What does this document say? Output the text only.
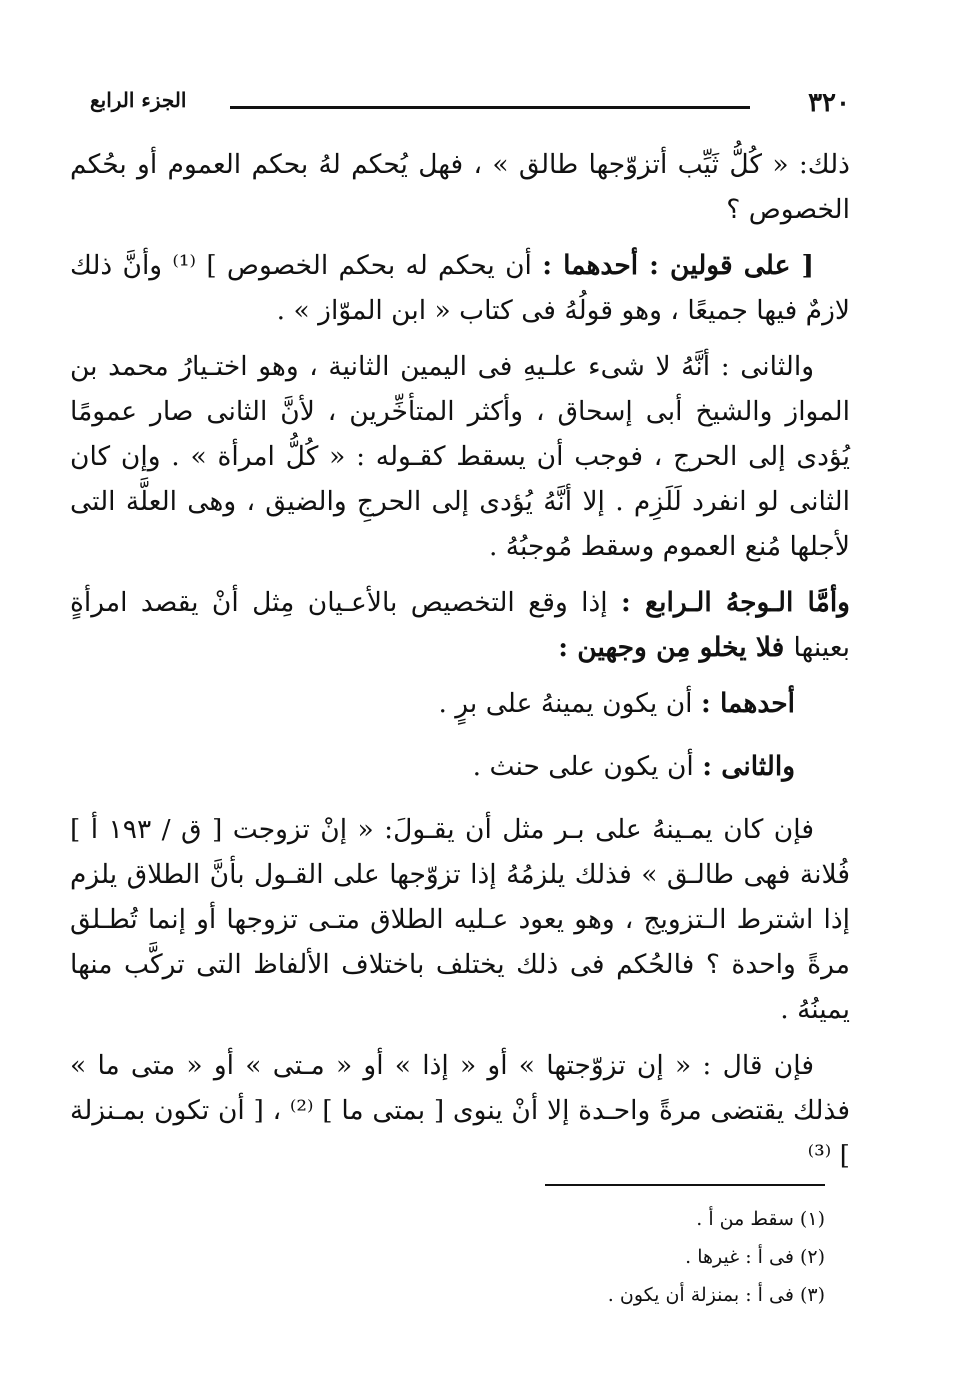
٣٢٠
الجزء الرابع

ذلك: « كُلُّ ثَيِّب أتزوّجها طالق » ، فهل يُحكم لهُ بحكم العموم أو بحُكم الخصوص ؟

[ على قولين : أحدهما : أن يحكم له بحكم الخصوص ] ⁽¹⁾ وأنَّ ذلك لازمٌ فيها جميعًا ، وهو قولُهُ فى كتاب « ابن الموّاز » .

والثانى : أنَّهُ لا شىء علـيهِ فى اليمين الثانية ، وهو اختـيارُ محمد بن المواز والشيخ أبى إسحاق ، وأكثر المتأخِّرين ، لأنَّ الثانى صار عمومًا يُؤدى إلى الحرج ، فوجب أن يسقط كقـوله : « كُلُّ امرأة » . وإن كان الثانى لو انفرد لَلَزِم . إلا أنَّهُ يُؤدى إلى الحرجِ والضيق ، وهى العلَّة التى لأجلها مُنع العموم وسقط مُوجبُهُ .

وأمَّا الـوجهُ الـرابع : إذا وقع التخصيص بالأعـيان مِثل أنْ يقصد امرأةٍ بعينها فلا يخلو مِن وجهين :

أحدهما : أن يكون يمينهُ على برٍ .

والثانى : أن يكون على حنث .

فإن كان يمـينهُ على بـر مثل أن يقـولَ: « إنْ تزوجت [ ق / ١٩٣ أ ] فُلانة فهى طالـق » فذلك يلزمُهُ إذا تزوّجها على القـول بأنَّ الطلاق يلزم إذا اشترط الـتزويج ، وهو يعود عـليه الطلاق متـى تزوجها أو إنما تُطـلق مرةً واحدة ؟ فالحُكم فى ذلك يختلف باختلاف الألفاظ التى تركَّب منها يمينُهُ .

فإن قال : « إن تزوّجتها » أو « إذا » أو « مـتى » أو « متى ما » فذلك يقتضى مرةً واحـدة إلا أنْ ينوى [ بمتى ما ] ⁽²⁾ ، [ أن تكون بمـنزلة ] ⁽³⁾

(١) سقط من أ .
(٢) فى أ : غيرها .
(٣) فى أ : بمنزلة أن يكون .
